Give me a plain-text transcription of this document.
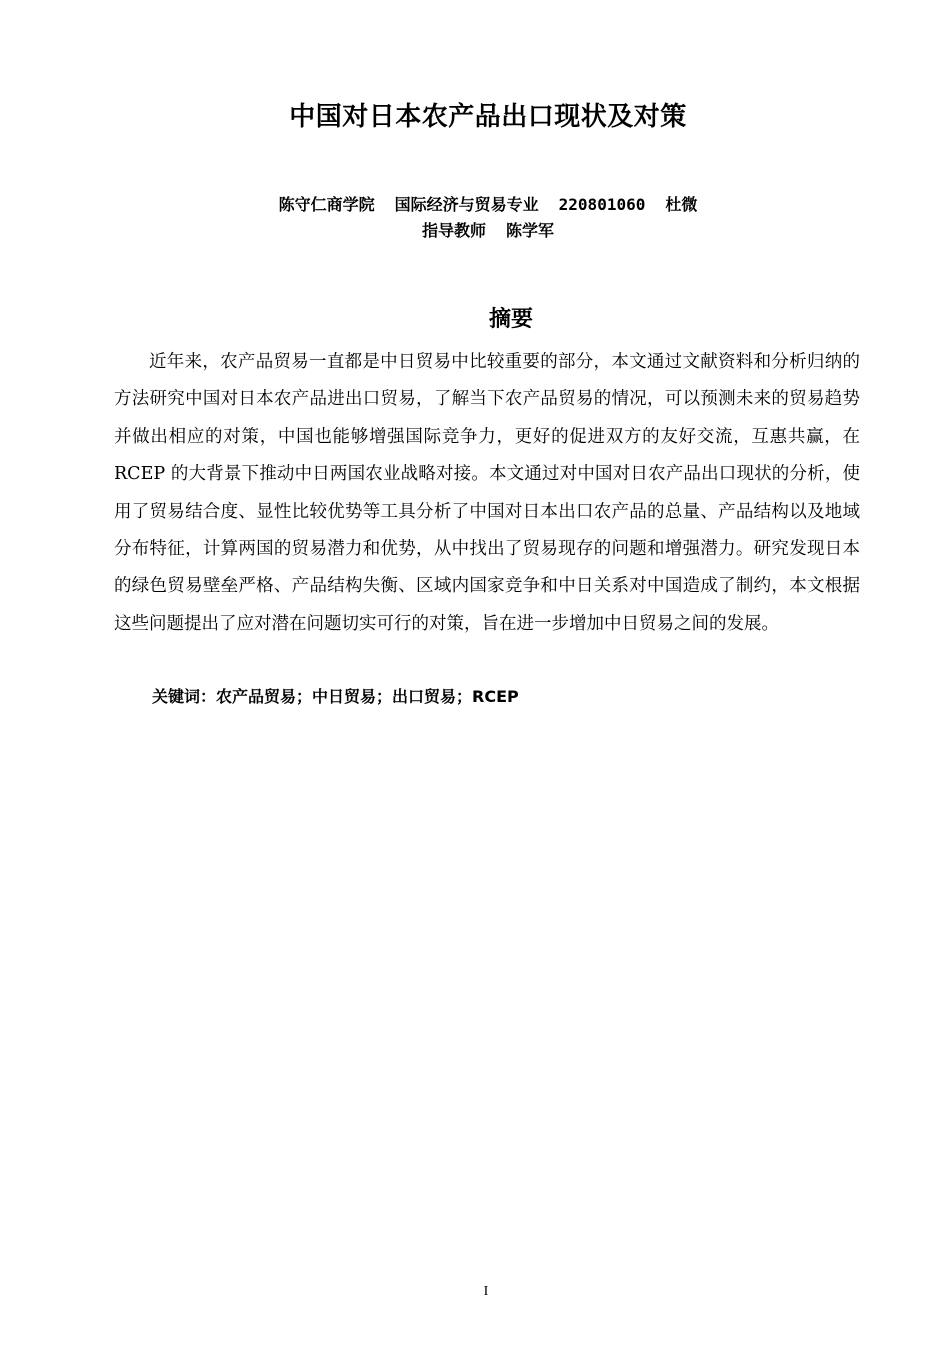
中国对日本农产品出口现状及对策
陈守仁商学院 国际经济与贸易专业 220801060 杜微
指导教师 陈学军
摘要

近年来，农产品贸易一直都是中日贸易中比较重要的部分，本文通过文献资料和分析归纳的方法研究中国对日本农产品进出口贸易，了解当下农产品贸易的情况，可以预测未来的贸易趋势并做出相应的对策，中国也能够增强国际竞争力，更好的促进双方的友好交流，互惠共赢，在 RCEP 的大背景下推动中日两国农业战略对接。本文通过对中国对日农产品出口现状的分析，使用了贸易结合度、显性比较优势等工具分析了中国对日本出口农产品的总量、产品结构以及地域分布特征，计算两国的贸易潜力和优势，从中找出了贸易现存的问题和增强潜力。研究发现日本的绿色贸易壁垒严格、产品结构失衡、区域内国家竞争和中日关系对中国造成了制约，本文根据这些问题提出了应对潜在问题切实可行的对策，旨在进一步增加中日贸易之间的发展。

关键词：农产品贸易；中日贸易；出口贸易；RCEP
I
